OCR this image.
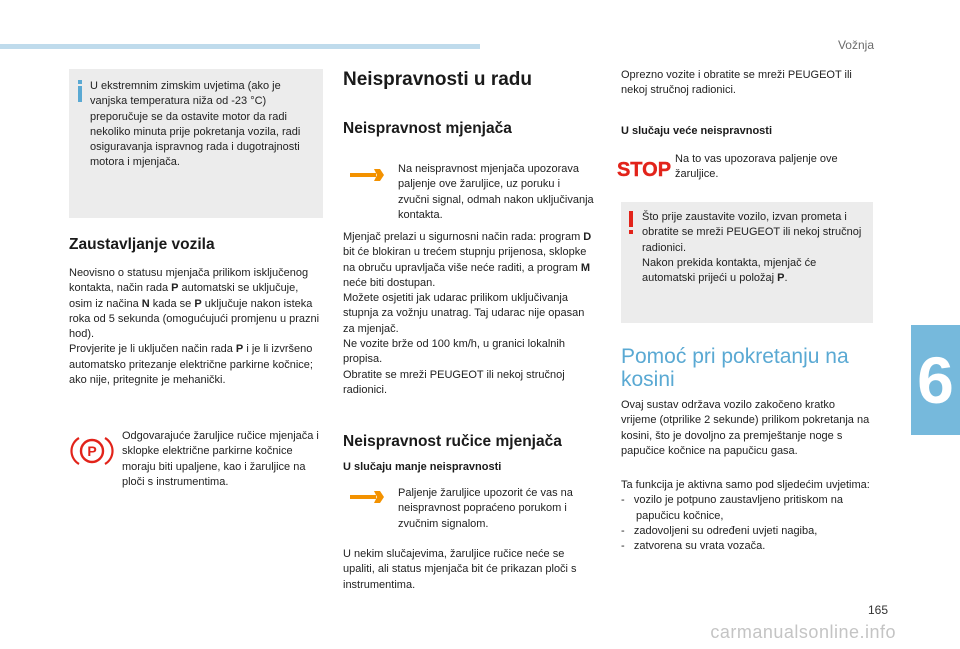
Vožnja
6
U ekstremnim zimskim uvjetima (ako je vanjska temperatura niža od -23 °C) preporučuje se da ostavite motor da radi nekoliko minuta prije pokretanja vozila, radi osiguravanja ispravnog rada i dugotrajnosti motora i mjenjača.
Zaustavljanje vozila
Neovisno o statusu mjenjača prilikom isključenog kontakta, način rada P automatski se uključuje, osim iz načina N kada se P uključuje nakon isteka roka od 5 sekunda (omogućujući promjenu u prazni hod).
Provjerite je li uključen način rada P i je li izvršeno automatsko pritezanje električne parkirne kočnice; ako nije, pritegnite je mehanički.
P
Odgovarajuće žaruljice ručice mjenjača i sklopke električne parkirne kočnice moraju biti upaljene, kao i žaruljice na ploči s instrumentima.
Neispravnosti u radu
Neispravnost mjenjača
Na neispravnost mjenjača upozorava paljenje ove žaruljice, uz poruku i zvučni signal, odmah nakon uključivanja kontakta.
Mjenjač prelazi u sigurnosni način rada: program D bit će blokiran u trećem stupnju prijenosa, sklopke na obruču upravljača više neće raditi, a program M neće biti dostupan.
Možete osjetiti jak udarac prilikom uključivanja stupnja za vožnju unatrag. Taj udarac nije opasan za mjenjač.
Ne vozite brže od 100 km/h, u granici lokalnih propisa.
Obratite se mreži PEUGEOT ili nekoj stručnoj radionici.
Neispravnost ručice mjenjača
U slučaju manje neispravnosti
Paljenje žaruljice upozorit će vas na neispravnost popraćeno porukom i zvučnim signalom.
U nekim slučajevima, žaruljice ručice neće se upaliti, ali status mjenjača bit će prikazan ploči s instrumentima.
Oprezno vozite i obratite se mreži PEUGEOT ili nekoj stručnoj radionici.
U slučaju veće neispravnosti
STOP Na to vas upozorava paljenje ove žaruljice.
Što prije zaustavite vozilo, izvan prometa i obratite se mreži PEUGEOT ili nekoj stručnoj radionici.
Nakon prekida kontakta, mjenjač će automatski prijeći u položaj P.
Pomoć pri pokretanju na kosini
Ovaj sustav održava vozilo zakočeno kratko vrijeme (otprilike 2 sekunde) prilikom pokretanja na kosini, što je dovoljno za premještanje noge s papučice kočnice na papučicu gasa.
Ta funkcija je aktivna samo pod sljedećim uvjetima:
-   vozilo je potpuno zaustavljeno pritiskom na papučicu kočnice,
-   zadovoljeni su određeni uvjeti nagiba,
-   zatvorena su vrata vozača.
165
carmanualsonline.info
